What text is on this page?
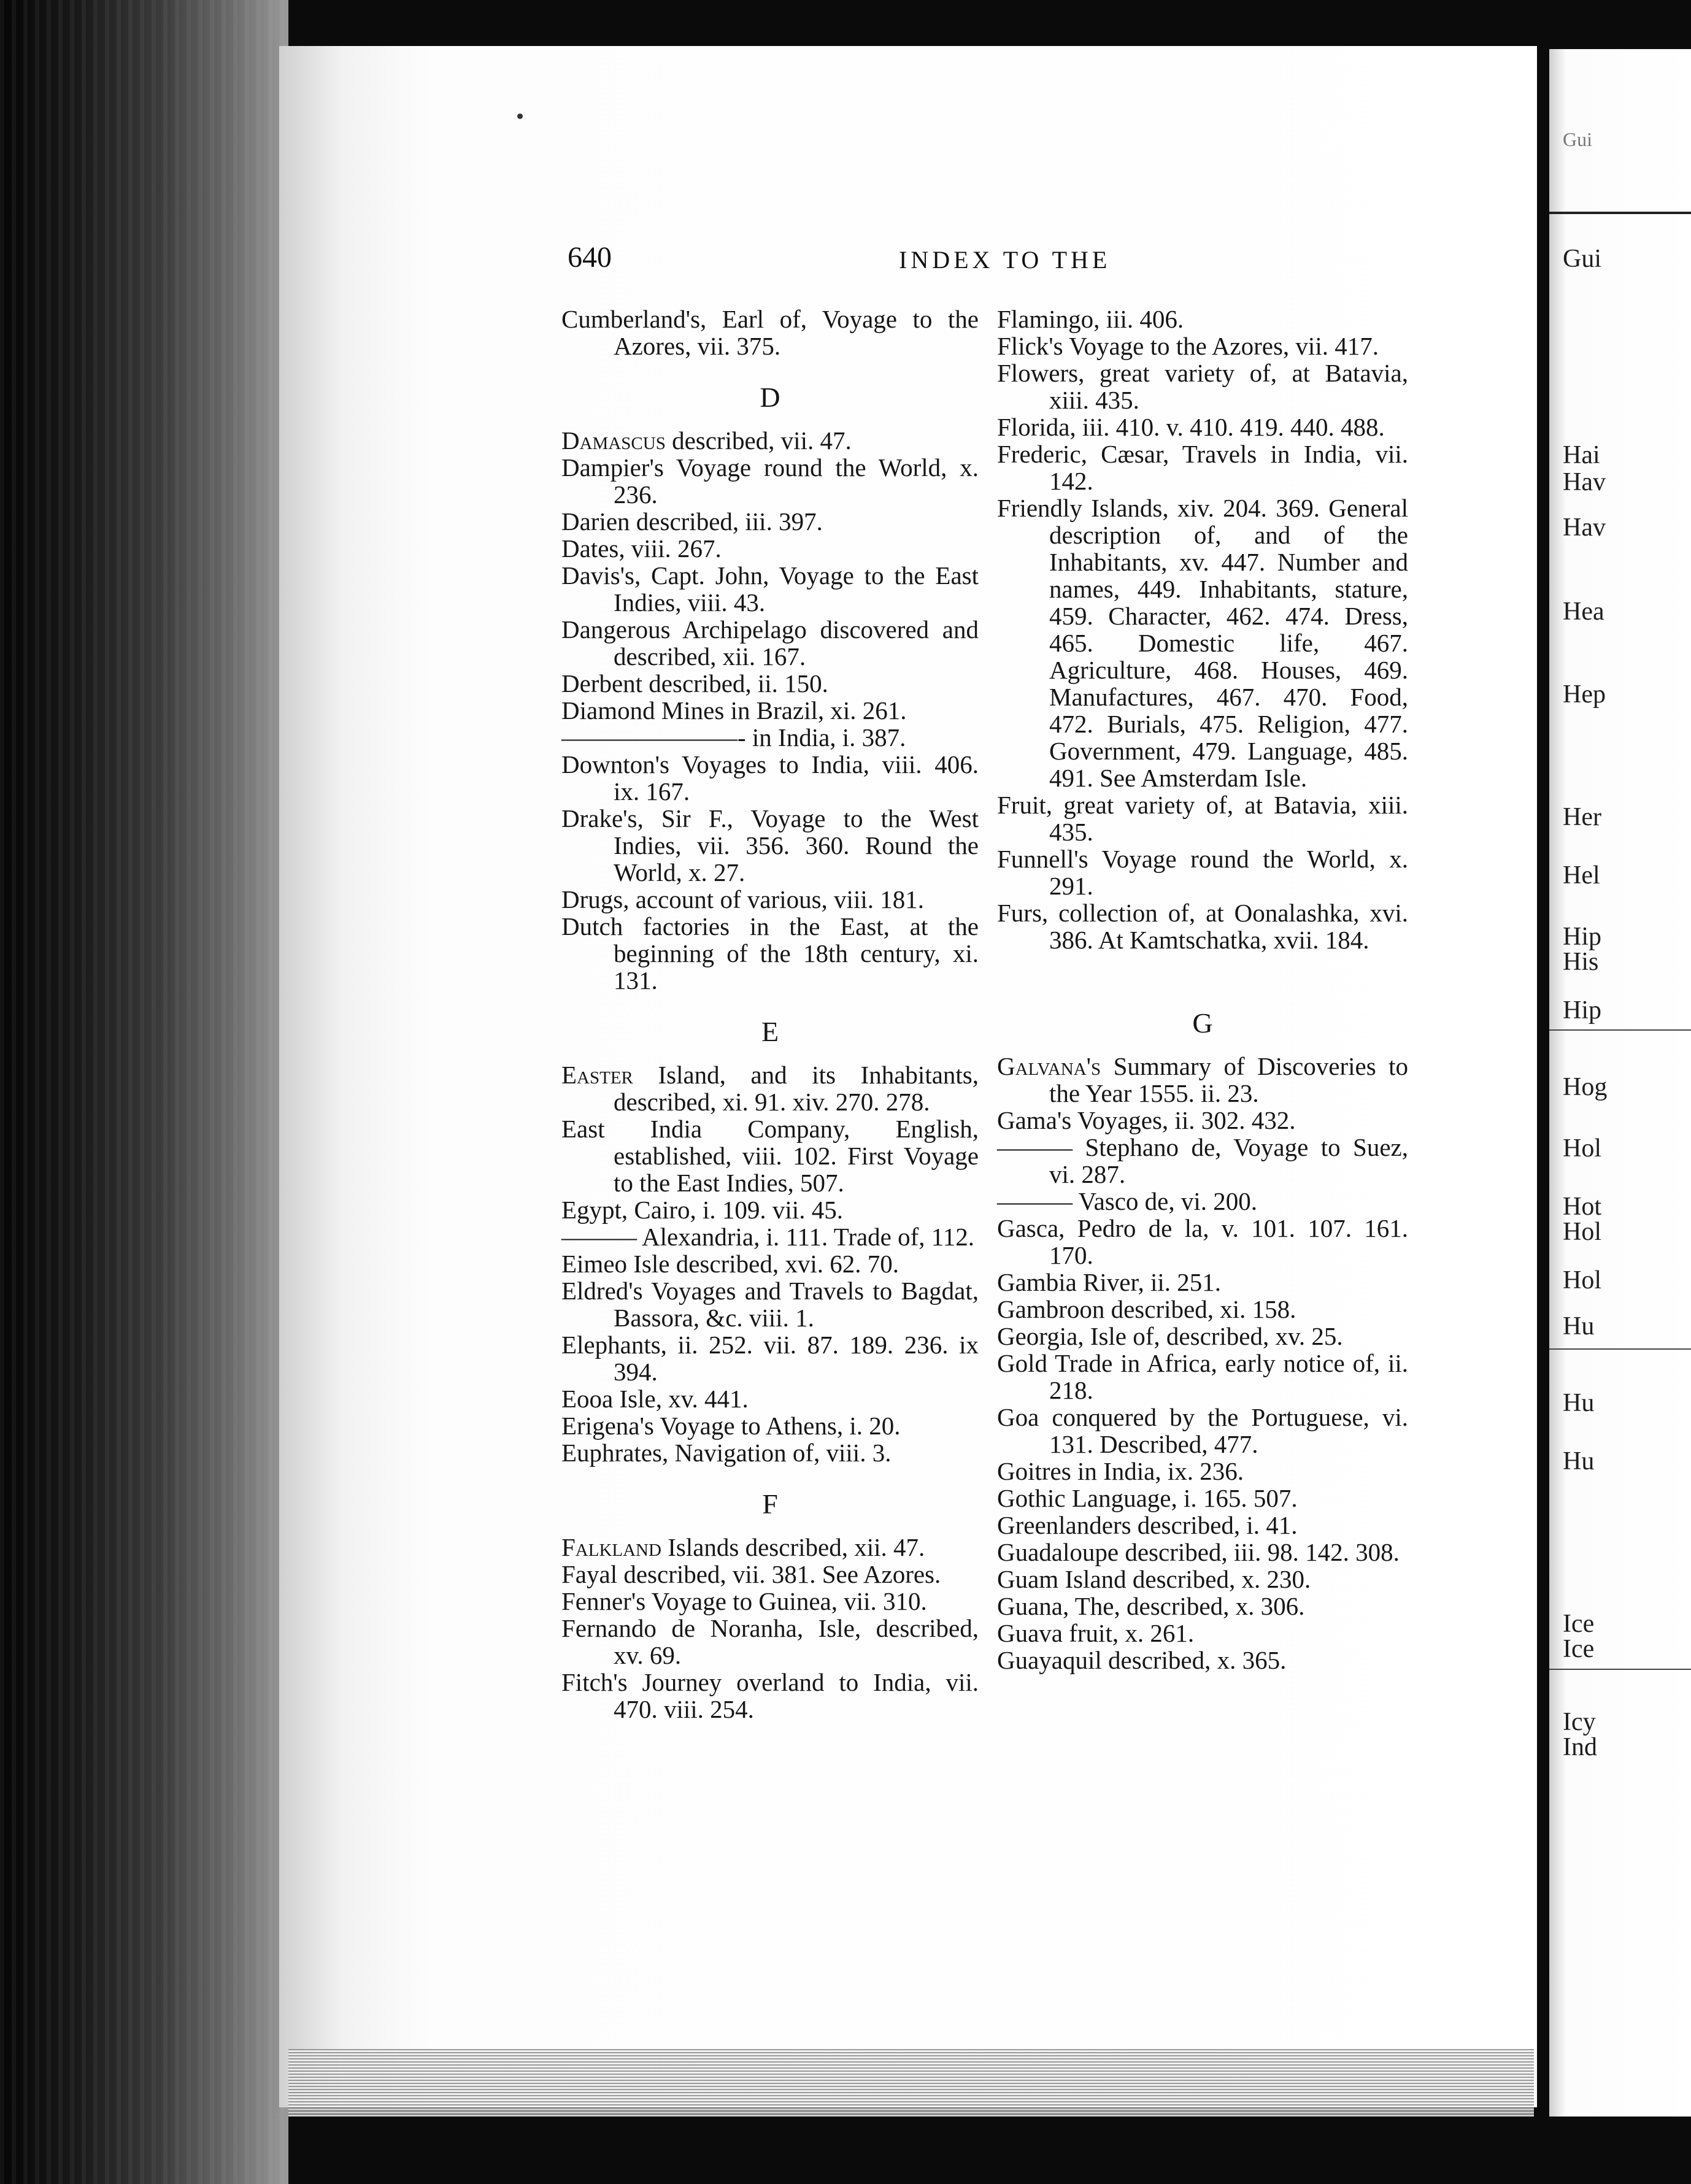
640	INDEX TO THE
Cumberland's, Earl of, Voyage to the Azores, vii. 375.
D
Damascus described, vii. 47.
Dampier's Voyage round the World, x. 236.
Darien described, iii. 397.
Dates, viii. 267.
Davis's, Capt. John, Voyage to the East Indies, viii. 43.
Dangerous Archipelago discovered and described, xii. 167.
Derbent described, ii. 150.
Diamond Mines in Brazil, xi. 261.
———————- in India, i. 387.
Downton's Voyages to India, viii. 406. ix. 167.
Drake's, Sir F., Voyage to the West Indies, vii. 356. 360. Round the World, x. 27.
Drugs, account of various, viii. 181.
Dutch factories in the East, at the beginning of the 18th century, xi. 131.
E
Easter Island, and its Inhabitants, described, xi. 91. xiv. 270. 278.
East India Company, English, established, viii. 102. First Voyage to the East Indies, 507.
Egypt, Cairo, i. 109. vii. 45.
——— Alexandria, i. 111. Trade of, 112.
Eimeo Isle described, xvi. 62. 70.
Eldred's Voyages and Travels to Bagdat, Bassora, &c. viii. 1.
Elephants, ii. 252. vii. 87. 189. 236. ix 394.
Eooa Isle, xv. 441.
Erigena's Voyage to Athens, i. 20.
Euphrates, Navigation of, viii. 3.
F
Falkland Islands described, xii. 47.
Fayal described, vii. 381. See Azores.
Fenner's Voyage to Guinea, vii. 310.
Fernando de Noranha, Isle, described, xv. 69.
Fitch's Journey overland to India, vii. 470. viii. 254.
Flamingo, iii. 406.
Flick's Voyage to the Azores, vii. 417.
Flowers, great variety of, at Batavia, xiii. 435.
Florida, iii. 410. v. 410. 419. 440. 488.
Frederic, Cæsar, Travels in India, vii. 142.
Friendly Islands, xiv. 204. 369. General description of, and of the Inhabitants, xv. 447. Number and names, 449. Inhabitants, stature, 459. Character, 462. 474. Dress, 465. Domestic life, 467. Agriculture, 468. Houses, 469. Manufactures, 467. 470. Food, 472. Burials, 475. Religion, 477. Government, 479. Language, 485. 491. See Amsterdam Isle.
Fruit, great variety of, at Batavia, xiii. 435.
Funnell's Voyage round the World, x. 291.
Furs, collection of, at Oonalashka, xvi. 386. At Kamtschatka, xvii. 184.
G
Galvana's Summary of Discoveries to the Year 1555. ii. 23.
Gama's Voyages, ii. 302. 432.
——— Stephano de, Voyage to Suez, vi. 287.
——— Vasco de, vi. 200.
Gasca, Pedro de la, v. 101. 107. 161. 170.
Gambia River, ii. 251.
Gambroon described, xi. 158.
Georgia, Isle of, described, xv. 25.
Gold Trade in Africa, early notice of, ii. 218.
Goa conquered by the Portuguese, vi. 131. Described, 477.
Goitres in India, ix. 236.
Gothic Language, i. 165. 507.
Greenlanders described, i. 41.
Guadaloupe described, iii. 98. 142. 308.
Guam Island described, x. 230.
Guana, The, described, x. 306.
Guava fruit, x. 261.
Guayaquil described, x. 365.
Gui
Gui
Hai
Hav
Hav
Hea
Hep
Her
Hel
Hip
His
Hip
Hog
Hol
Hot
Hol
Hol
Hu
Hu
Hu
Ice
Ice
Icy
Ind
